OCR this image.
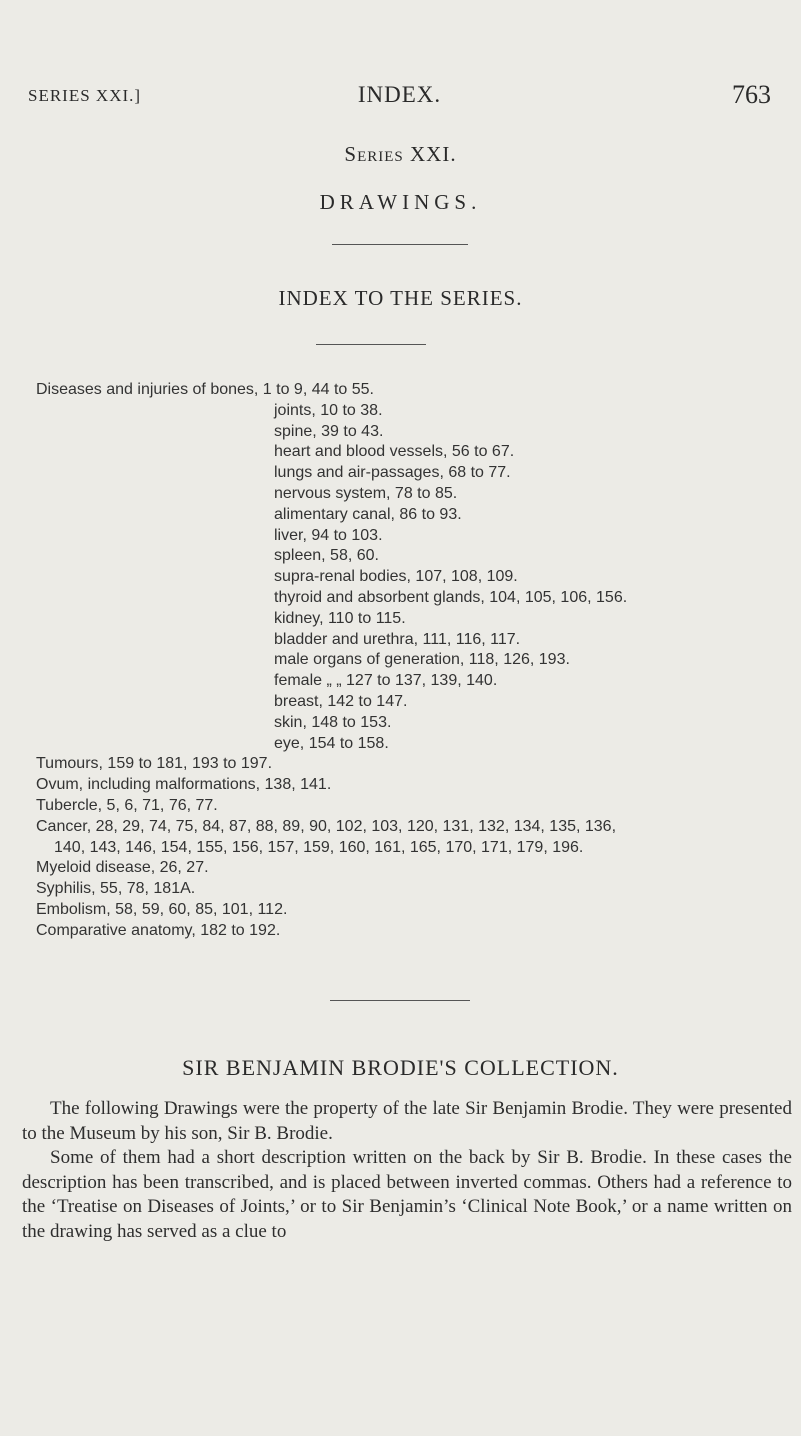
SERIES XXI.]	INDEX.	763
Series XXI.
DRAWINGS.
INDEX TO THE SERIES.
Diseases and injuries of bones, 1 to 9, 44 to 55.
joints, 10 to 38.
spine, 39 to 43.
heart and blood vessels, 56 to 67.
lungs and air-passages, 68 to 77.
nervous system, 78 to 85.
alimentary canal, 86 to 93.
liver, 94 to 103.
spleen, 58, 60.
supra-renal bodies, 107, 108, 109.
thyroid and absorbent glands, 104, 105, 106, 156.
kidney, 110 to 115.
bladder and urethra, 111, 116, 117.
male organs of generation, 118, 126, 193.
female „ „ 127 to 137, 139, 140.
breast, 142 to 147.
skin, 148 to 153.
eye, 154 to 158.
Tumours, 159 to 181, 193 to 197.
Ovum, including malformations, 138, 141.
Tubercle, 5, 6, 71, 76, 77.
Cancer, 28, 29, 74, 75, 84, 87, 88, 89, 90, 102, 103, 120, 131, 132, 134, 135, 136,
140, 143, 146, 154, 155, 156, 157, 159, 160, 161, 165, 170, 171, 179, 196.
Myeloid disease, 26, 27.
Syphilis, 55, 78, 181A.
Embolism, 58, 59, 60, 85, 101, 112.
Comparative anatomy, 182 to 192.
SIR BENJAMIN BRODIE'S COLLECTION.

The following Drawings were the property of the late Sir Benjamin Brodie. They were presented to the Museum by his son, Sir B. Brodie.

Some of them had a short description written on the back by Sir B. Brodie. In these cases the description has been transcribed, and is placed between inverted commas. Others had a reference to the ‘Treatise on Diseases of Joints,’ or to Sir Benjamin’s ‘Clinical Note Book,’ or a name written on the drawing has served as a clue to
